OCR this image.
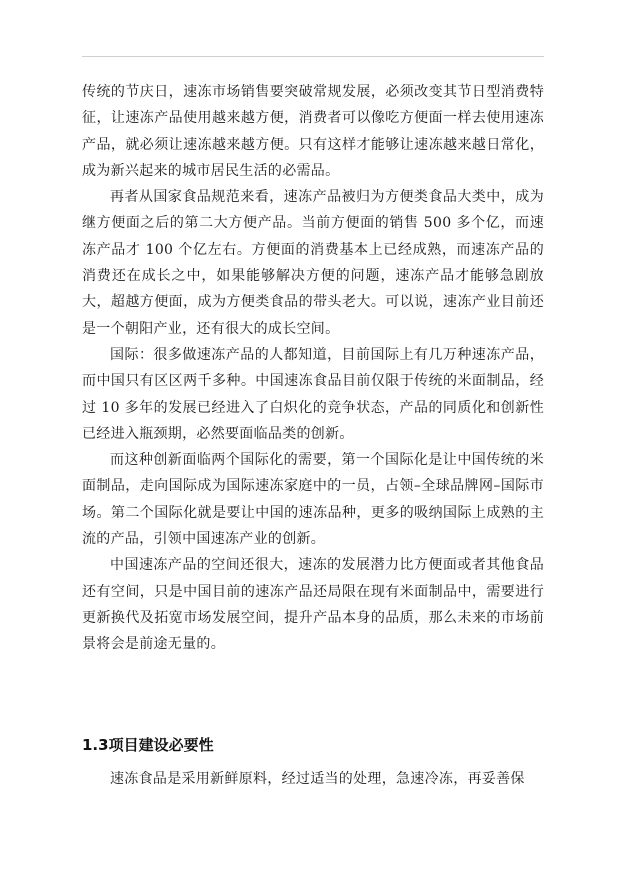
传统的节庆日，速冻市场销售要突破常规发展，必须改变其节日型消费特征，让速冻产品使用越来越方便，消费者可以像吃方便面一样去使用速冻产品，就必须让速冻越来越方便。只有这样才能够让速冻越来越日常化，成为新兴起来的城市居民生活的必需品。

再者从国家食品规范来看，速冻产品被归为方便类食品大类中，成为继方便面之后的第二大方便产品。当前方便面的销售 500 多个亿，而速冻产品才 100 个亿左右。方便面的消费基本上已经成熟，而速冻产品的消费还在成长之中，如果能够解决方便的问题，速冻产品才能够急剧放大，超越方便面，成为方便类食品的带头老大。可以说，速冻产业目前还是一个朝阳产业，还有很大的成长空间。

国际：很多做速冻产品的人都知道，目前国际上有几万种速冻产品，而中国只有区区两千多种。中国速冻食品目前仅限于传统的米面制品，经过 10 多年的发展已经进入了白炽化的竞争状态，产品的同质化和创新性已经进入瓶颈期，必然要面临品类的创新。

而这种创新面临两个国际化的需要，第一个国际化是让中国传统的米面制品，走向国际成为国际速冻家庭中的一员，占领–全球品牌网–国际市场。第二个国际化就是要让中国的速冻品种，更多的吸纳国际上成熟的主流的产品，引领中国速冻产业的创新。

中国速冻产品的空间还很大，速冻的发展潜力比方便面或者其他食品还有空间，只是中国目前的速冻产品还局限在现有米面制品中，需要进行更新换代及拓宽市场发展空间，提升产品本身的品质，那么未来的市场前景将会是前途无量的。

1.3项目建设必要性

速冻食品是采用新鲜原料，经过适当的处理，急速冷冻，再妥善保
